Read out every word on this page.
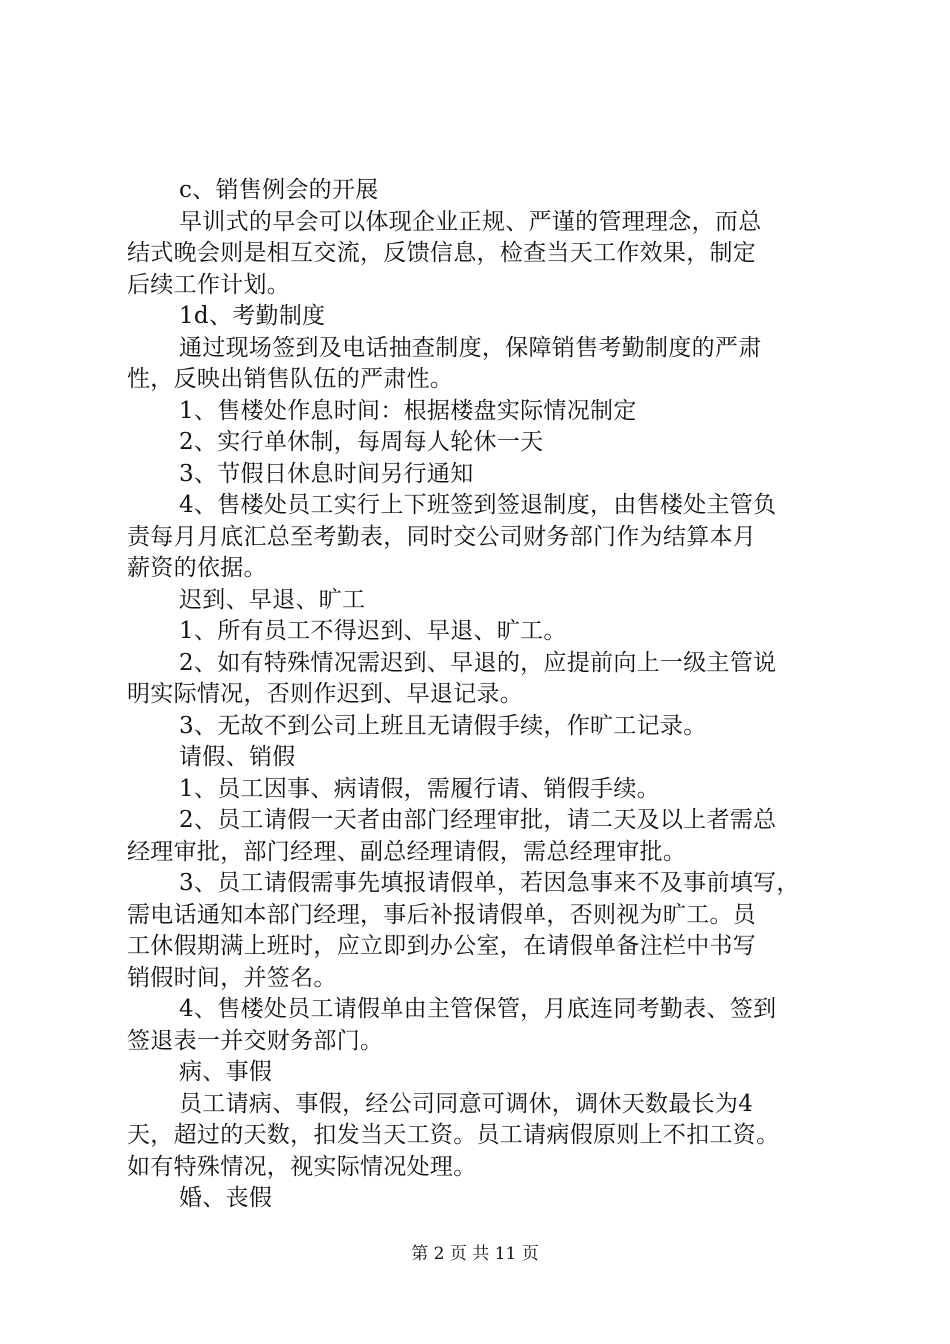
c、销售例会的开展
早训式的早会可以体现企业正规、严谨的管理理念，而总
结式晚会则是相互交流，反馈信息，检查当天工作效果，制定
后续工作计划。
1d、考勤制度
通过现场签到及电话抽查制度，保障销售考勤制度的严肃
性，反映出销售队伍的严肃性。
1、售楼处作息时间：根据楼盘实际情况制定
2、实行单休制，每周每人轮休一天
3、节假日休息时间另行通知
4、售楼处员工实行上下班签到签退制度，由售楼处主管负
责每月月底汇总至考勤表，同时交公司财务部门作为结算本月
薪资的依据。
迟到、早退、旷工
1、所有员工不得迟到、早退、旷工。
2、如有特殊情况需迟到、早退的，应提前向上一级主管说
明实际情况，否则作迟到、早退记录。
3、无故不到公司上班且无请假手续，作旷工记录。
请假、销假
1、员工因事、病请假，需履行请、销假手续。
2、员工请假一天者由部门经理审批，请二天及以上者需总
经理审批，部门经理、副总经理请假，需总经理审批。
3、员工请假需事先填报请假单，若因急事来不及事前填写，
需电话通知本部门经理，事后补报请假单，否则视为旷工。员
工休假期满上班时，应立即到办公室，在请假单备注栏中书写
销假时间，并签名。
4、售楼处员工请假单由主管保管，月底连同考勤表、签到
签退表一并交财务部门。
病、事假
员工请病、事假，经公司同意可调休，调休天数最长为4
天，超过的天数，扣发当天工资。员工请病假原则上不扣工资。
如有特殊情况，视实际情况处理。
婚、丧假
第 2 页 共 11 页
